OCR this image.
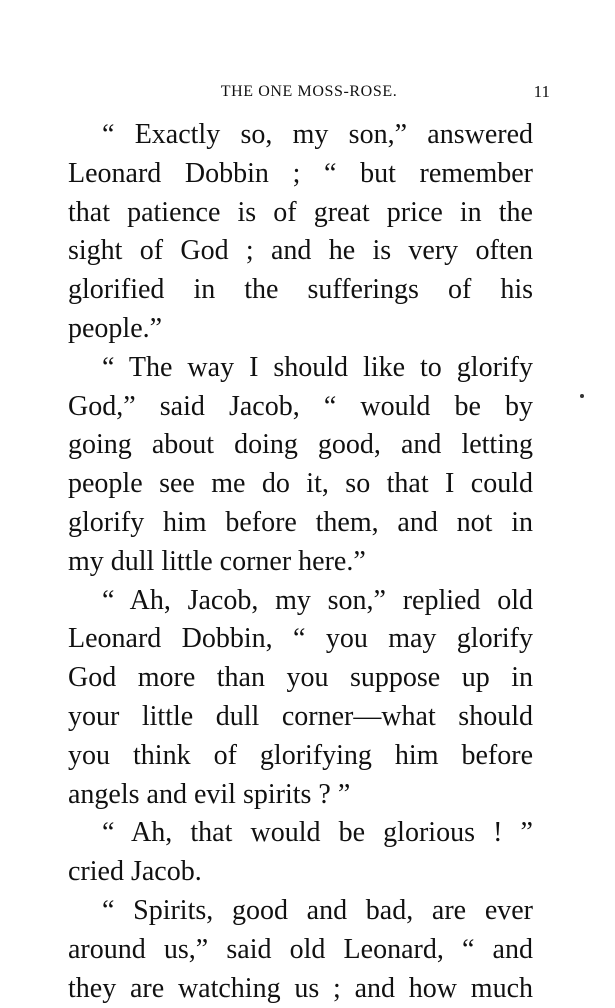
THE ONE MOSS-ROSE.	11
“ Exactly so, my son,” answered
Leonard Dobbin ; “ but remember
that patience is of great price in the
sight of God ; and he is very often
glorified in the sufferings of his
people.”
“ The way I should like to glorify
God,” said Jacob, “ would be by
going about doing good, and letting
people see me do it, so that I could
glorify him before them, and not in
my dull little corner here.”
“ Ah, Jacob, my son,” replied old
Leonard Dobbin, “ you may glorify
God more than you suppose up in
your little dull corner—what should
you think of glorifying him before
angels and evil spirits ? ”
“ Ah, that would be glorious ! ”
cried Jacob.
“ Spirits, good and bad, are ever
around us,” said old Leonard, “ and
they are watching us ; and how much
